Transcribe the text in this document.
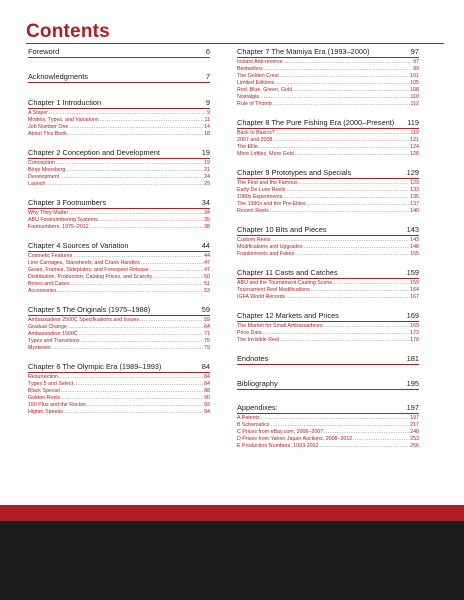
Contents
Foreword	6
Acknowledgments	7
Chapter 1 Introduction	9
A Stayer . . .	9
Models, Types, and Variations . . .	11
Job Number One . . .	14
About This Book . . .	18
Chapter 2 Conception and Development	19
Conception . . .	19
Börje Moosberg . . .	21
Development . . .	24
Launch . . .	29
Chapter 3 Footnumbers	34
Why They Matter . . .	34
ABU Footnumbering Systems . . .	35
Footnumbers, 1975–2012 . . .	38
Chapter 4 Sources of Variation	44
Cosmetic Features . . .	44
Line Carriages, Starwheels, and Crank Handles . . .	47
Gears, Frames, Sideplates, and Freespool Release . . .	47
Distribution, Production, Catalog Prices, and Scarcity . . .	50
Boxes and Cases . . .	51
Accessories . . .	53
Chapter 5 The Originals (1975–1988)	59
Ambassadeur 2500C Specifications and Issues . . .	59
Gradual Change . . .	64
Ambassadeur 1500C . . .	71
Types and Transitions . . .	75
Mysteries . . .	79
Chapter 6 The Olympic Era (1989–1993)	84
Resurrection . . .	84
Types 5 and Select . . .	84
Black Special . . .	88
Golden Reels . . .	90
150 Plus and the Rocket . . .	92
Higher Speeds . . .	94
Chapter 7 The Mamiya Era (1993–2000)	97
Instant Anti-reverse . . .	97
Bestsellers . . .	99
The Golden Crest . . .	101
Limited Editions . . .	105
Red, Blue, Green, Gold . . .	108
Nostalgia . . .	110
Rule of Thumb . . .	112
Chapter 8 The Pure Fishing Era (2000–Present)	119
Back to Basics? . . .	119
2007 and 2008 . . .	121
The Elite . . .	124
More Lefties, More Gold . . .	126
Chapter 9 Prototypes and Specials	129
The First and the Famous . . .	129
Early De Luxe Reels . . .	133
1980s Experiments . . .	135
The 1990s and the Pre-Elites . . .	137
Recent Reels . . .	140
Chapter 10 Bits and Pieces	143
Custom Reels . . .	143
Modifications and Upgrades . . .	148
Frankenreels and Fakes . . .	155
Chapter 11 Casts and Catches	159
ABU and the Tournament Casting Scene . . .	159
Tournament Reel Modifications . . .	164
IGFA World Records . . .	167
Chapter 12 Markets and Prices	169
The Market for Small Ambassadeurs . . .	169
Price Data . . .	173
The Invisible Reel . . .	178
Endnotes	181
Bibliography	195
Appendixes:	197
A Patents . . .	197
B Schematics . . .	217
C Prices from eBay.com, 2006–2007 . . .	248
D Prices from Yahoo Japan Auctions, 2008–2012 . . .	253
E Production Numbers, 1993-2012 . . .	256
